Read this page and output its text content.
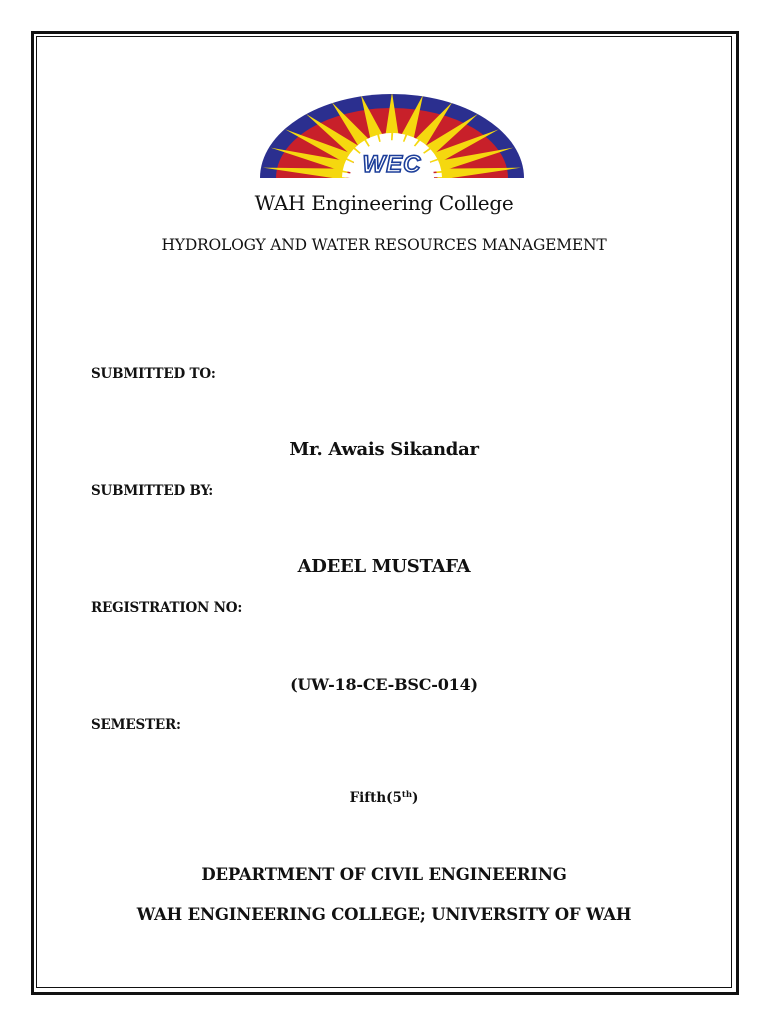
WEC
WAH Engineering College
HYDROLOGY AND WATER RESOURCES MANAGEMENT
SUBMITTED TO:
Mr. Awais Sikandar
SUBMITTED BY:
ADEEL MUSTAFA
REGISTRATION NO:
(UW-18-CE-BSC-014)
SEMESTER:
Fifth(5th)
DEPARTMENT OF CIVIL ENGINEERING
WAH ENGINEERING COLLEGE; UNIVERSITY OF WAH
